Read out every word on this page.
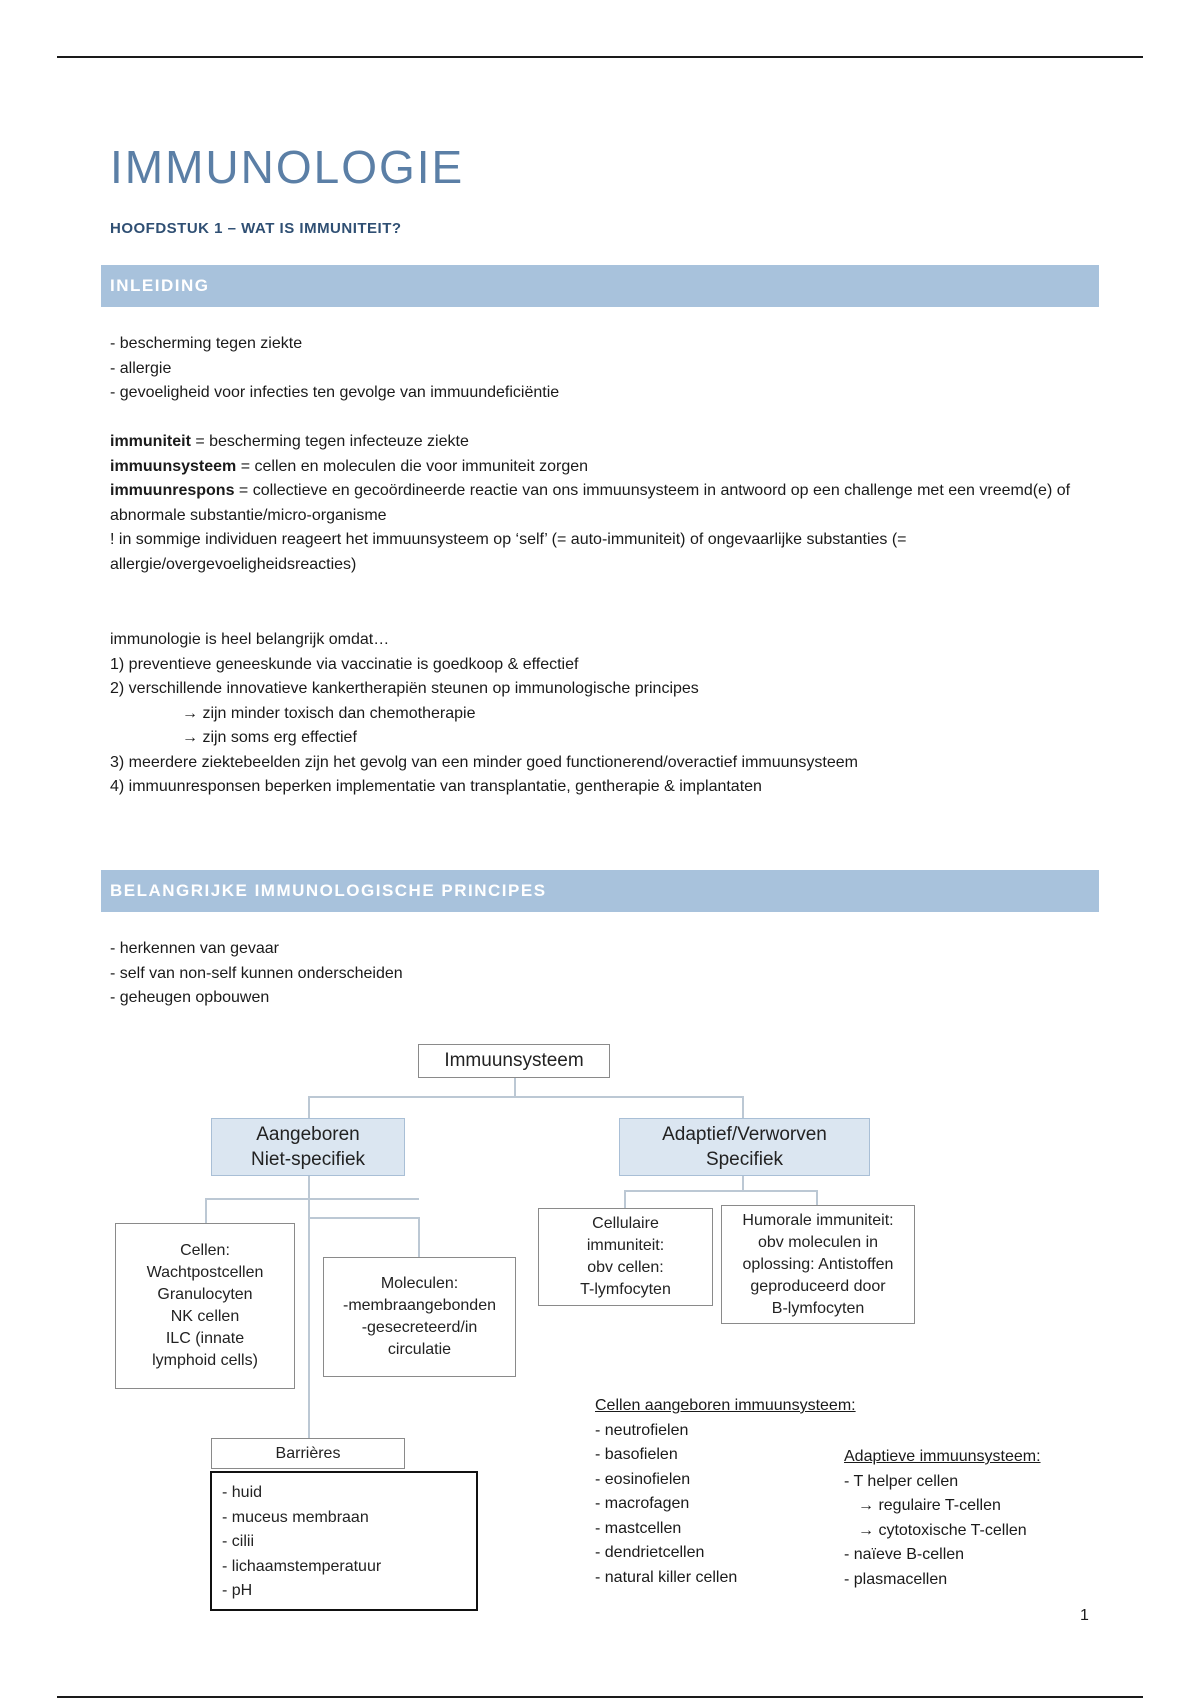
IMMUNOLOGIE
HOOFDSTUK 1 – WAT IS IMMUNITEIT?
INLEIDING
- bescherming tegen ziekte
- allergie
- gevoeligheid voor infecties ten gevolge van immuundeficiëntie
immuniteit = bescherming tegen infecteuze ziekte
immuunsysteem = cellen en moleculen die voor immuniteit zorgen
immuunrespons = collectieve en gecoördineerde reactie van ons immuunsysteem in antwoord op een challenge met een vreemd(e) of abnormale substantie/micro-organisme
! in sommige individuen reageert het immuunsysteem op ‘self’ (= auto-immuniteit) of ongevaarlijke substanties (= allergie/overgevoeligheidsreacties)
immunologie is heel belangrijk omdat…
1) preventieve geneeskunde via vaccinatie is goedkoop & effectief
2) verschillende innovatieve kankertherapiën steunen op immunologische principes
→ zijn minder toxisch dan chemotherapie
→ zijn soms erg effectief
3) meerdere ziektebeelden zijn het gevolg van een minder goed functionerend/overactief immuunsysteem
4) immuunresponsen beperken implementatie van transplantatie, gentherapie & implantaten
BELANGRIJKE IMMUNOLOGISCHE PRINCIPES
- herkennen van gevaar
- self van non-self kunnen onderscheiden
- geheugen opbouwen
Immuunsysteem
Aangeboren
Niet-specifiek
Adaptief/Verworven
Specifiek
Cellen:
Wachtpostcellen
Granulocyten
NK cellen
ILC (innate
lymphoid cells)
Moleculen:
-membraangebonden
-gesecreteerd/in
circulatie
Cellulaire
immuniteit:
obv cellen:
T-lymfocyten
Humorale immuniteit:
obv moleculen in
oplossing: Antistoffen
geproduceerd door
B-lymfocyten
Barrières
- huid
- muceus membraan
- cilii
- lichaamstemperatuur
- pH
Cellen aangeboren immuunsysteem:
- neutrofielen
- basofielen
- eosinofielen
- macrofagen
- mastcellen
- dendrietcellen
- natural killer cellen
Adaptieve immuunsysteem:
- T helper cellen
→ regulaire T-cellen
→ cytotoxische T-cellen
- naïeve B-cellen
- plasmacellen
1
